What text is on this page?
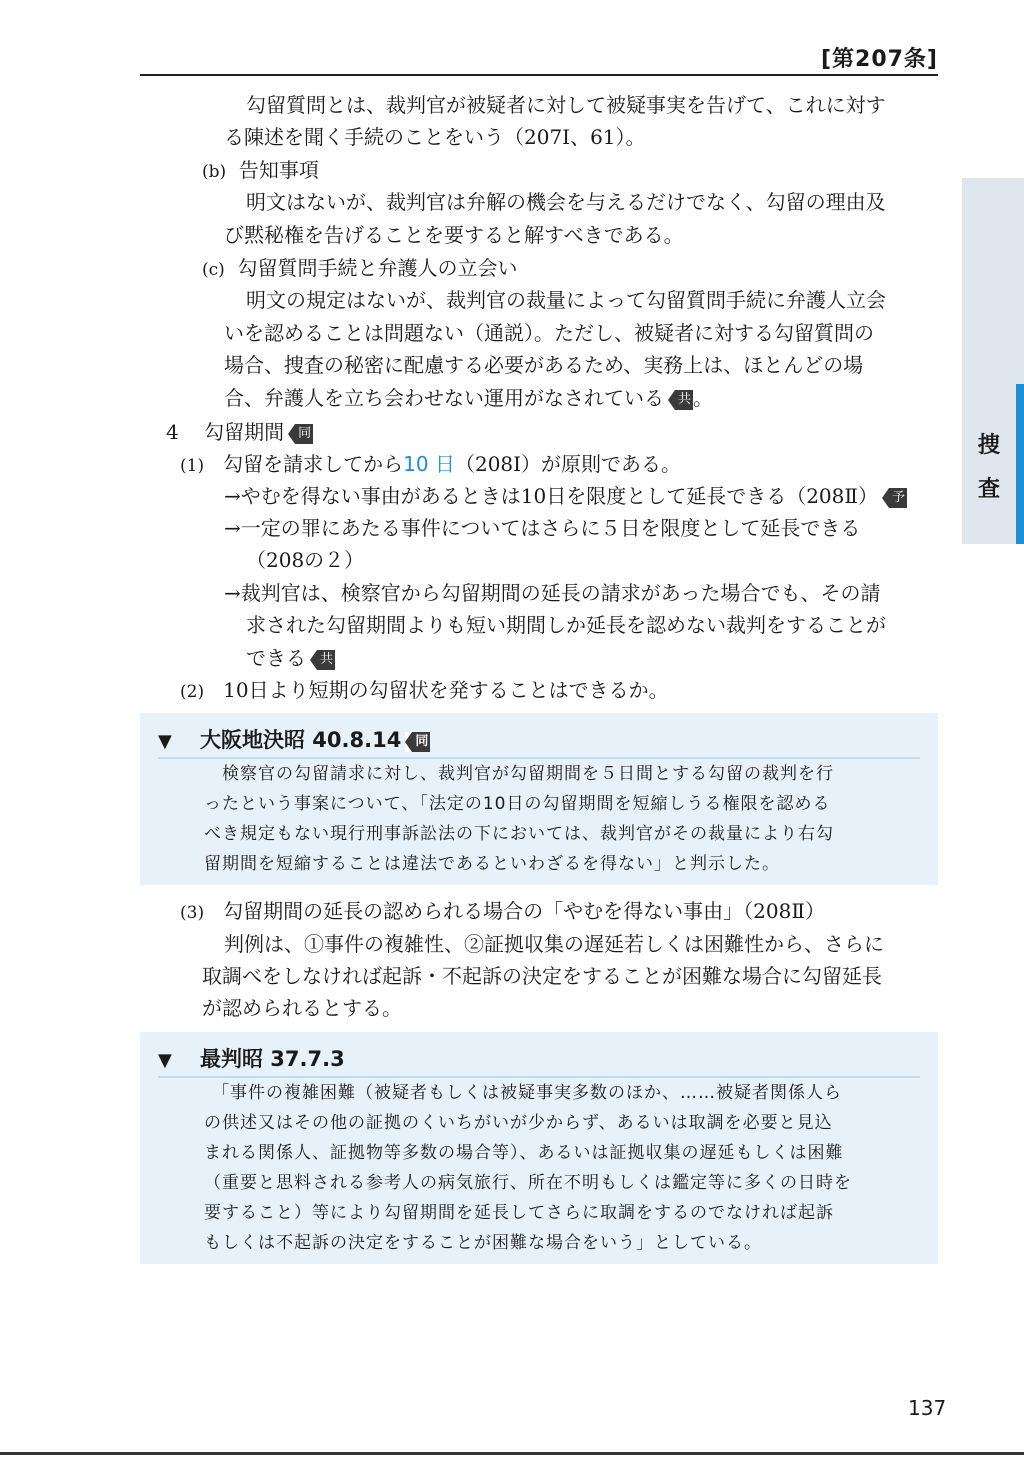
[第207条]
捜
査
勾留質問とは、裁判官が被疑者に対して被疑事実を告げて、これに対す
る陳述を聞く手続のことをいう（207Ⅰ、61）。
(b) 告知事項
明文はないが、裁判官は弁解の機会を与えるだけでなく、勾留の理由及
び黙秘権を告げることを要すると解すべきである。
(c) 勾留質問手続と弁護人の立会い
明文の規定はないが、裁判官の裁量によって勾留質問手続に弁護人立会
いを認めることは問題ない（通説）。ただし、被疑者に対する勾留質問の
場合、捜査の秘密に配慮する必要があるため、実務上は、ほとんどの場
合、弁護人を立ち会わせない運用がなされている 共 。
4 勾留期間 同
(1) 勾留を請求してから10 日（208Ⅰ）が原則である。
→やむを得ない事由があるときは10日を限度として延長できる（208Ⅱ） 予
→一定の罪にあたる事件についてはさらに５日を限度として延長できる
（208の２）
→裁判官は、検察官から勾留期間の延長の請求があった場合でも、その請
求された勾留期間よりも短い期間しか延長を認めない裁判をすることが
できる 共
(2) 10日より短期の勾留状を発することはできるか。
▼ 大阪地決昭 40.8.14 同
検察官の勾留請求に対し、裁判官が勾留期間を５日間とする勾留の裁判を行
ったという事案について、「法定の10日の勾留期間を短縮しうる権限を認める
べき規定もない現行刑事訴訟法の下においては、裁判官がその裁量により右勾
留期間を短縮することは違法であるといわざるを得ない」と判示した。
(3) 勾留期間の延長の認められる場合の「やむを得ない事由」（208Ⅱ）
判例は、①事件の複雑性、②証拠収集の遅延若しくは困難性から、さらに
取調べをしなければ起訴・不起訴の決定をすることが困難な場合に勾留延長
が認められるとする。
▼ 最判昭 37.7.3
「事件の複雑困難（被疑者もしくは被疑事実多数のほか、……被疑者関係人ら
の供述又はその他の証拠のくいちがいが少からず、あるいは取調を必要と見込
まれる関係人、証拠物等多数の場合等）、あるいは証拠収集の遅延もしくは困難
（重要と思料される参考人の病気旅行、所在不明もしくは鑑定等に多くの日時を
要すること）等により勾留期間を延長してさらに取調をするのでなければ起訴
もしくは不起訴の決定をすることが困難な場合をいう」としている。
137
